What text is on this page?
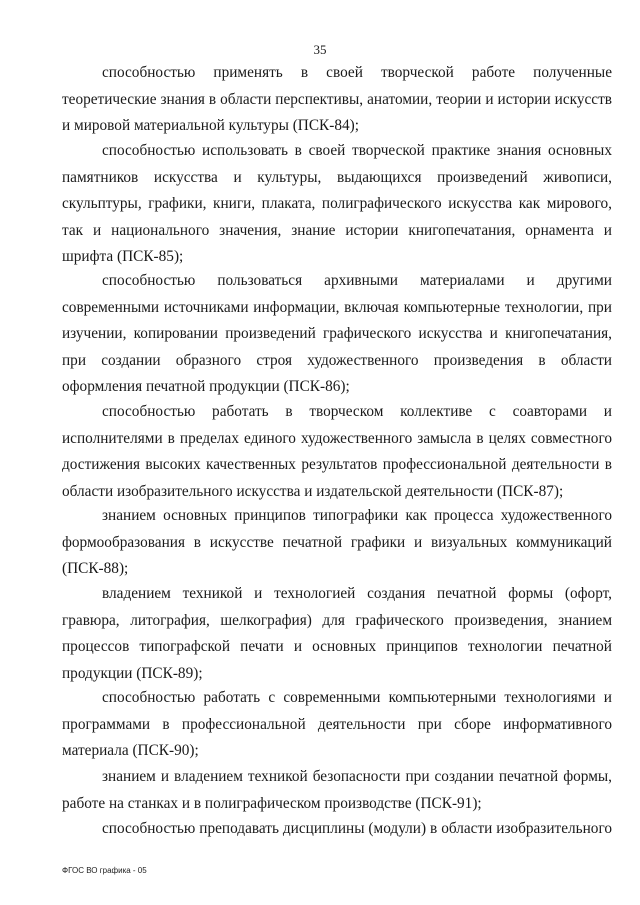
35
способностью применять в своей творческой работе полученные
теоретические знания в области перспективы, анатомии, теории и истории искусств
и мировой материальной культуры (ПСК-84);
способностью использовать в своей творческой практике знания основных
памятников искусства и культуры, выдающихся произведений живописи,
скульптуры, графики, книги, плаката, полиграфического искусства как мирового,
так и национального значения, знание истории книгопечатания, орнамента и
шрифта (ПСК-85);
способностью пользоваться архивными материалами и другими
современными источниками информации, включая компьютерные технологии, при
изучении, копировании произведений графического искусства и книгопечатания,
при создании образного строя художественного произведения в области
оформления печатной продукции (ПСК-86);
способностью работать в творческом коллективе с соавторами и
исполнителями в пределах единого художественного замысла в целях совместного
достижения высоких качественных результатов профессиональной деятельности в
области изобразительного искусства и издательской деятельности (ПСК-87);
знанием основных принципов типографики как процесса художественного
формообразования в искусстве печатной графики и визуальных коммуникаций
(ПСК-88);
владением техникой и технологией создания печатной формы (офорт,
гравюра, литография, шелкография) для графического произведения, знанием
процессов типографской печати и основных принципов технологии печатной
продукции (ПСК-89);
способностью работать с современными компьютерными технологиями и
программами в профессиональной деятельности при сборе информативного
материала (ПСК-90);
знанием и владением техникой безопасности при создании печатной формы,
работе на станках и в полиграфическом производстве (ПСК-91);
способностью преподавать дисциплины (модули) в области изобразительного
ФГОС ВО графика - 05
